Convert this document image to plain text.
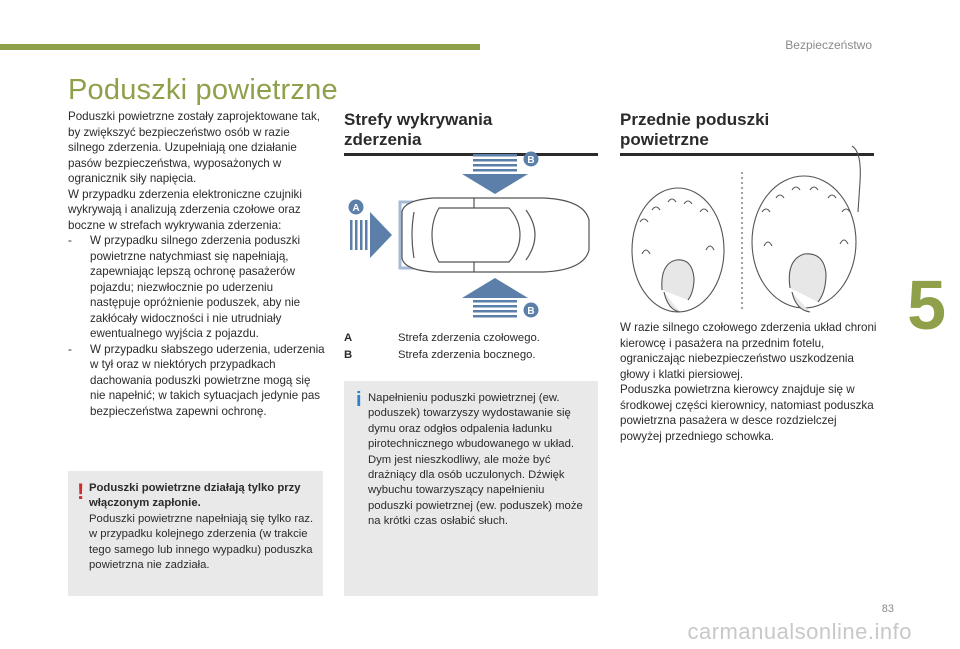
Bezpieczeństwo
5
83
carmanualsonline.info
Poduszki powietrzne

Poduszki powietrzne zostały zaprojektowane tak, by zwiększyć bezpieczeństwo osób w razie silnego zderzenia. Uzupełniają one działanie pasów bezpieczeństwa, wyposażonych w ogranicznik siły napięcia.

W przypadku zderzenia elektroniczne czujniki wykrywają i analizują zderzenia czołowe oraz boczne w strefach wykrywania zderzenia:

- W przypadku silnego zderzenia poduszki powietrzne natychmiast się napełniają, zapewniając lepszą ochronę pasażerów pojazdu; niezwłocznie po uderzeniu następuje opróżnienie poduszek, aby nie zakłócały widoczności i nie utrudniały ewentualnego wyjścia z pojazdu.
- W przypadku słabszego uderzenia, uderzenia w tył oraz w niektórych przypadkach dachowania poduszki powietrzne mogą się nie napełnić; w takich sytuacjach jedynie pas bezpieczeństwa zapewni ochronę.
! Poduszki powietrzne działają tylko przy włączonym zapłonie.
Poduszki powietrzne napełniają się tylko raz. w przypadku kolejnego zderzenia (w trakcie tego samego lub innego wypadku) poduszka powietrzna nie zadziała.
Strefy wykrywania zderzenia
B
A
B
A	Strefa zderzenia czołowego.
B	Strefa zderzenia bocznego.
i Napełnieniu poduszki powietrznej (ew. poduszek) towarzyszy wydostawanie się dymu oraz odgłos odpalenia ładunku pirotechnicznego wbudowanego w układ. Dym jest nieszkodliwy, ale może być drażniący dla osób uczulonych. Dźwięk wybuchu towarzyszący napełnieniu poduszki powietrznej (ew. poduszek) może na krótki czas osłabić słuch.
Przednie poduszki powietrzne

W razie silnego czołowego zderzenia układ chroni kierowcę i pasażera na przednim fotelu, ograniczając niebezpieczeństwo uszkodzenia głowy i klatki piersiowej.

Poduszka powietrzna kierowcy znajduje się w środkowej części kierownicy, natomiast poduszka powietrzna pasażera w desce rozdzielczej powyżej przedniego schowka.
